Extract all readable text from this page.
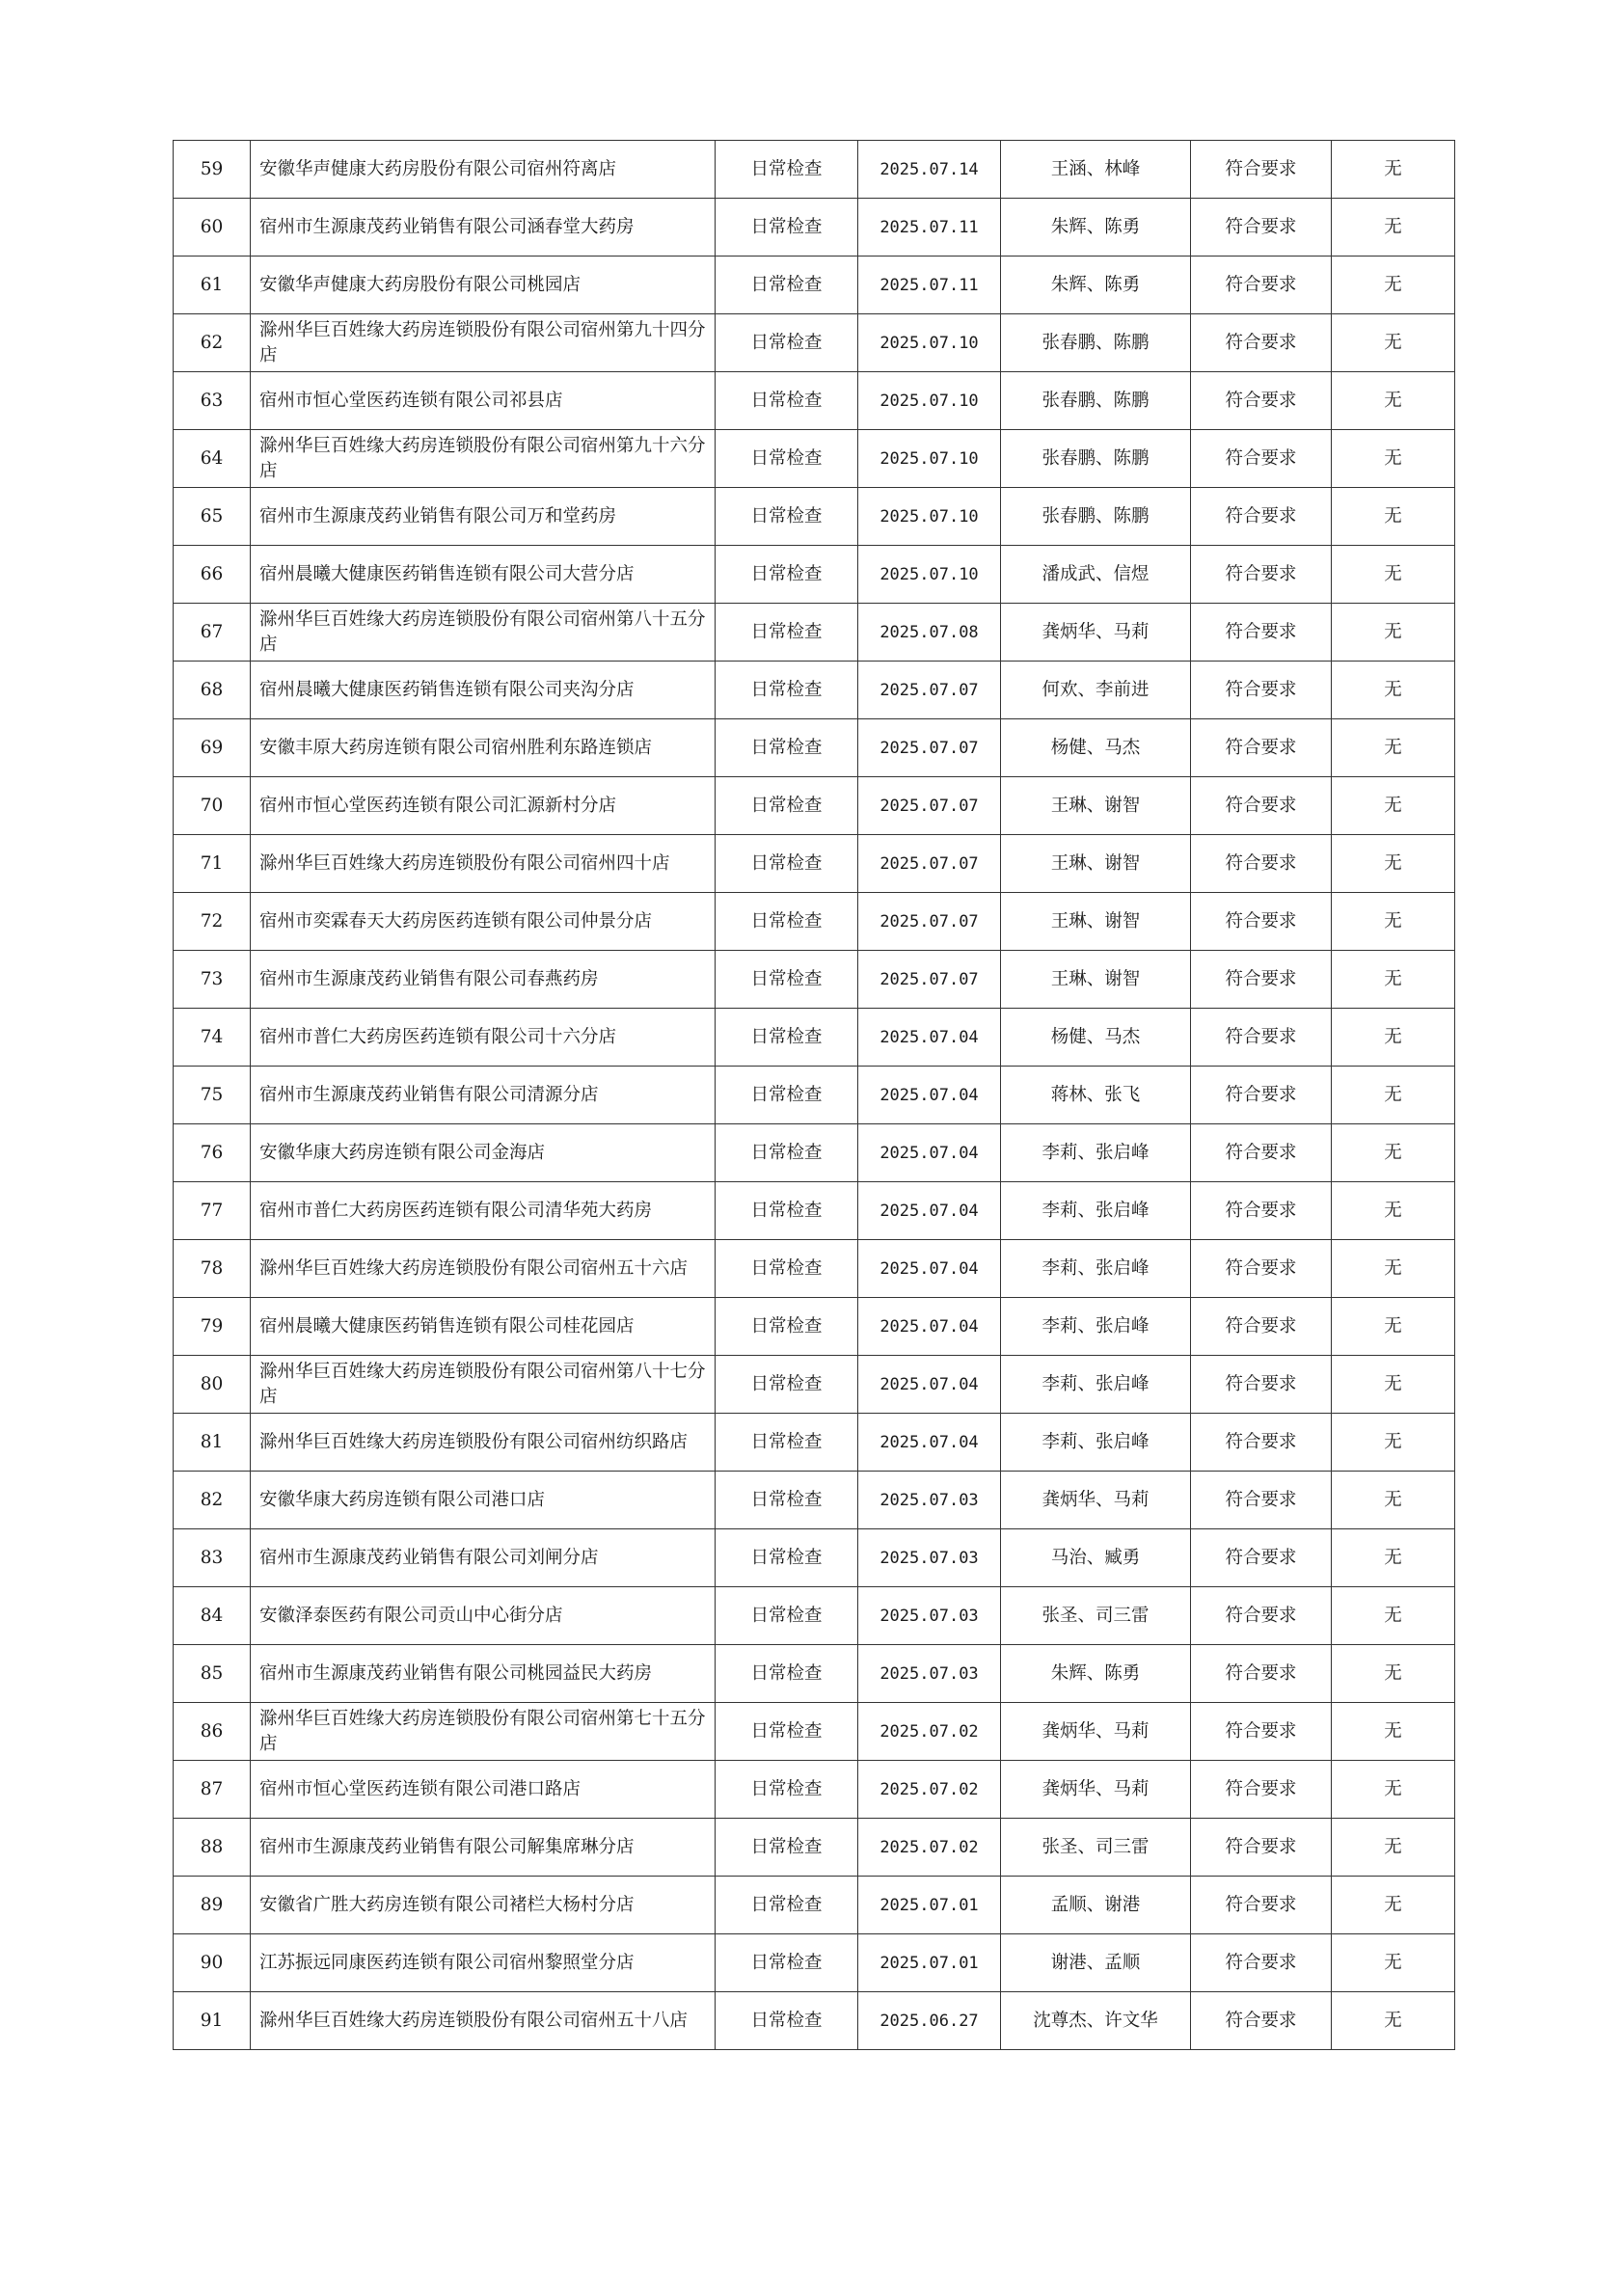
59	安徽华声健康大药房股份有限公司宿州符离店	日常检查	2025.07.14	王涵、林峰	符合要求	无
60	宿州市生源康茂药业销售有限公司涵春堂大药房	日常检查	2025.07.11	朱辉、陈勇	符合要求	无
61	安徽华声健康大药房股份有限公司桃园店	日常检查	2025.07.11	朱辉、陈勇	符合要求	无
62	滁州华巨百姓缘大药房连锁股份有限公司宿州第九十四分店	日常检查	2025.07.10	张春鹏、陈鹏	符合要求	无
63	宿州市恒心堂医药连锁有限公司祁县店	日常检查	2025.07.10	张春鹏、陈鹏	符合要求	无
64	滁州华巨百姓缘大药房连锁股份有限公司宿州第九十六分店	日常检查	2025.07.10	张春鹏、陈鹏	符合要求	无
65	宿州市生源康茂药业销售有限公司万和堂药房	日常检查	2025.07.10	张春鹏、陈鹏	符合要求	无
66	宿州晨曦大健康医药销售连锁有限公司大营分店	日常检查	2025.07.10	潘成武、信煜	符合要求	无
67	滁州华巨百姓缘大药房连锁股份有限公司宿州第八十五分店	日常检查	2025.07.08	龚炳华、马莉	符合要求	无
68	宿州晨曦大健康医药销售连锁有限公司夹沟分店	日常检查	2025.07.07	何欢、李前进	符合要求	无
69	安徽丰原大药房连锁有限公司宿州胜利东路连锁店	日常检查	2025.07.07	杨健、马杰	符合要求	无
70	宿州市恒心堂医药连锁有限公司汇源新村分店	日常检查	2025.07.07	王琳、谢智	符合要求	无
71	滁州华巨百姓缘大药房连锁股份有限公司宿州四十店	日常检查	2025.07.07	王琳、谢智	符合要求	无
72	宿州市奕霖春天大药房医药连锁有限公司仲景分店	日常检查	2025.07.07	王琳、谢智	符合要求	无
73	宿州市生源康茂药业销售有限公司春燕药房	日常检查	2025.07.07	王琳、谢智	符合要求	无
74	宿州市普仁大药房医药连锁有限公司十六分店	日常检查	2025.07.04	杨健、马杰	符合要求	无
75	宿州市生源康茂药业销售有限公司清源分店	日常检查	2025.07.04	蒋林、张飞	符合要求	无
76	安徽华康大药房连锁有限公司金海店	日常检查	2025.07.04	李莉、张启峰	符合要求	无
77	宿州市普仁大药房医药连锁有限公司清华苑大药房	日常检查	2025.07.04	李莉、张启峰	符合要求	无
78	滁州华巨百姓缘大药房连锁股份有限公司宿州五十六店	日常检查	2025.07.04	李莉、张启峰	符合要求	无
79	宿州晨曦大健康医药销售连锁有限公司桂花园店	日常检查	2025.07.04	李莉、张启峰	符合要求	无
80	滁州华巨百姓缘大药房连锁股份有限公司宿州第八十七分店	日常检查	2025.07.04	李莉、张启峰	符合要求	无
81	滁州华巨百姓缘大药房连锁股份有限公司宿州纺织路店	日常检查	2025.07.04	李莉、张启峰	符合要求	无
82	安徽华康大药房连锁有限公司港口店	日常检查	2025.07.03	龚炳华、马莉	符合要求	无
83	宿州市生源康茂药业销售有限公司刘闸分店	日常检查	2025.07.03	马治、臧勇	符合要求	无
84	安徽泽泰医药有限公司贡山中心街分店	日常检查	2025.07.03	张圣、司三雷	符合要求	无
85	宿州市生源康茂药业销售有限公司桃园益民大药房	日常检查	2025.07.03	朱辉、陈勇	符合要求	无
86	滁州华巨百姓缘大药房连锁股份有限公司宿州第七十五分店	日常检查	2025.07.02	龚炳华、马莉	符合要求	无
87	宿州市恒心堂医药连锁有限公司港口路店	日常检查	2025.07.02	龚炳华、马莉	符合要求	无
88	宿州市生源康茂药业销售有限公司解集席琳分店	日常检查	2025.07.02	张圣、司三雷	符合要求	无
89	安徽省广胜大药房连锁有限公司褚栏大杨村分店	日常检查	2025.07.01	孟顺、谢港	符合要求	无
90	江苏振远同康医药连锁有限公司宿州黎照堂分店	日常检查	2025.07.01	谢港、孟顺	符合要求	无
91	滁州华巨百姓缘大药房连锁股份有限公司宿州五十八店	日常检查	2025.06.27	沈尊杰、许文华	符合要求	无
